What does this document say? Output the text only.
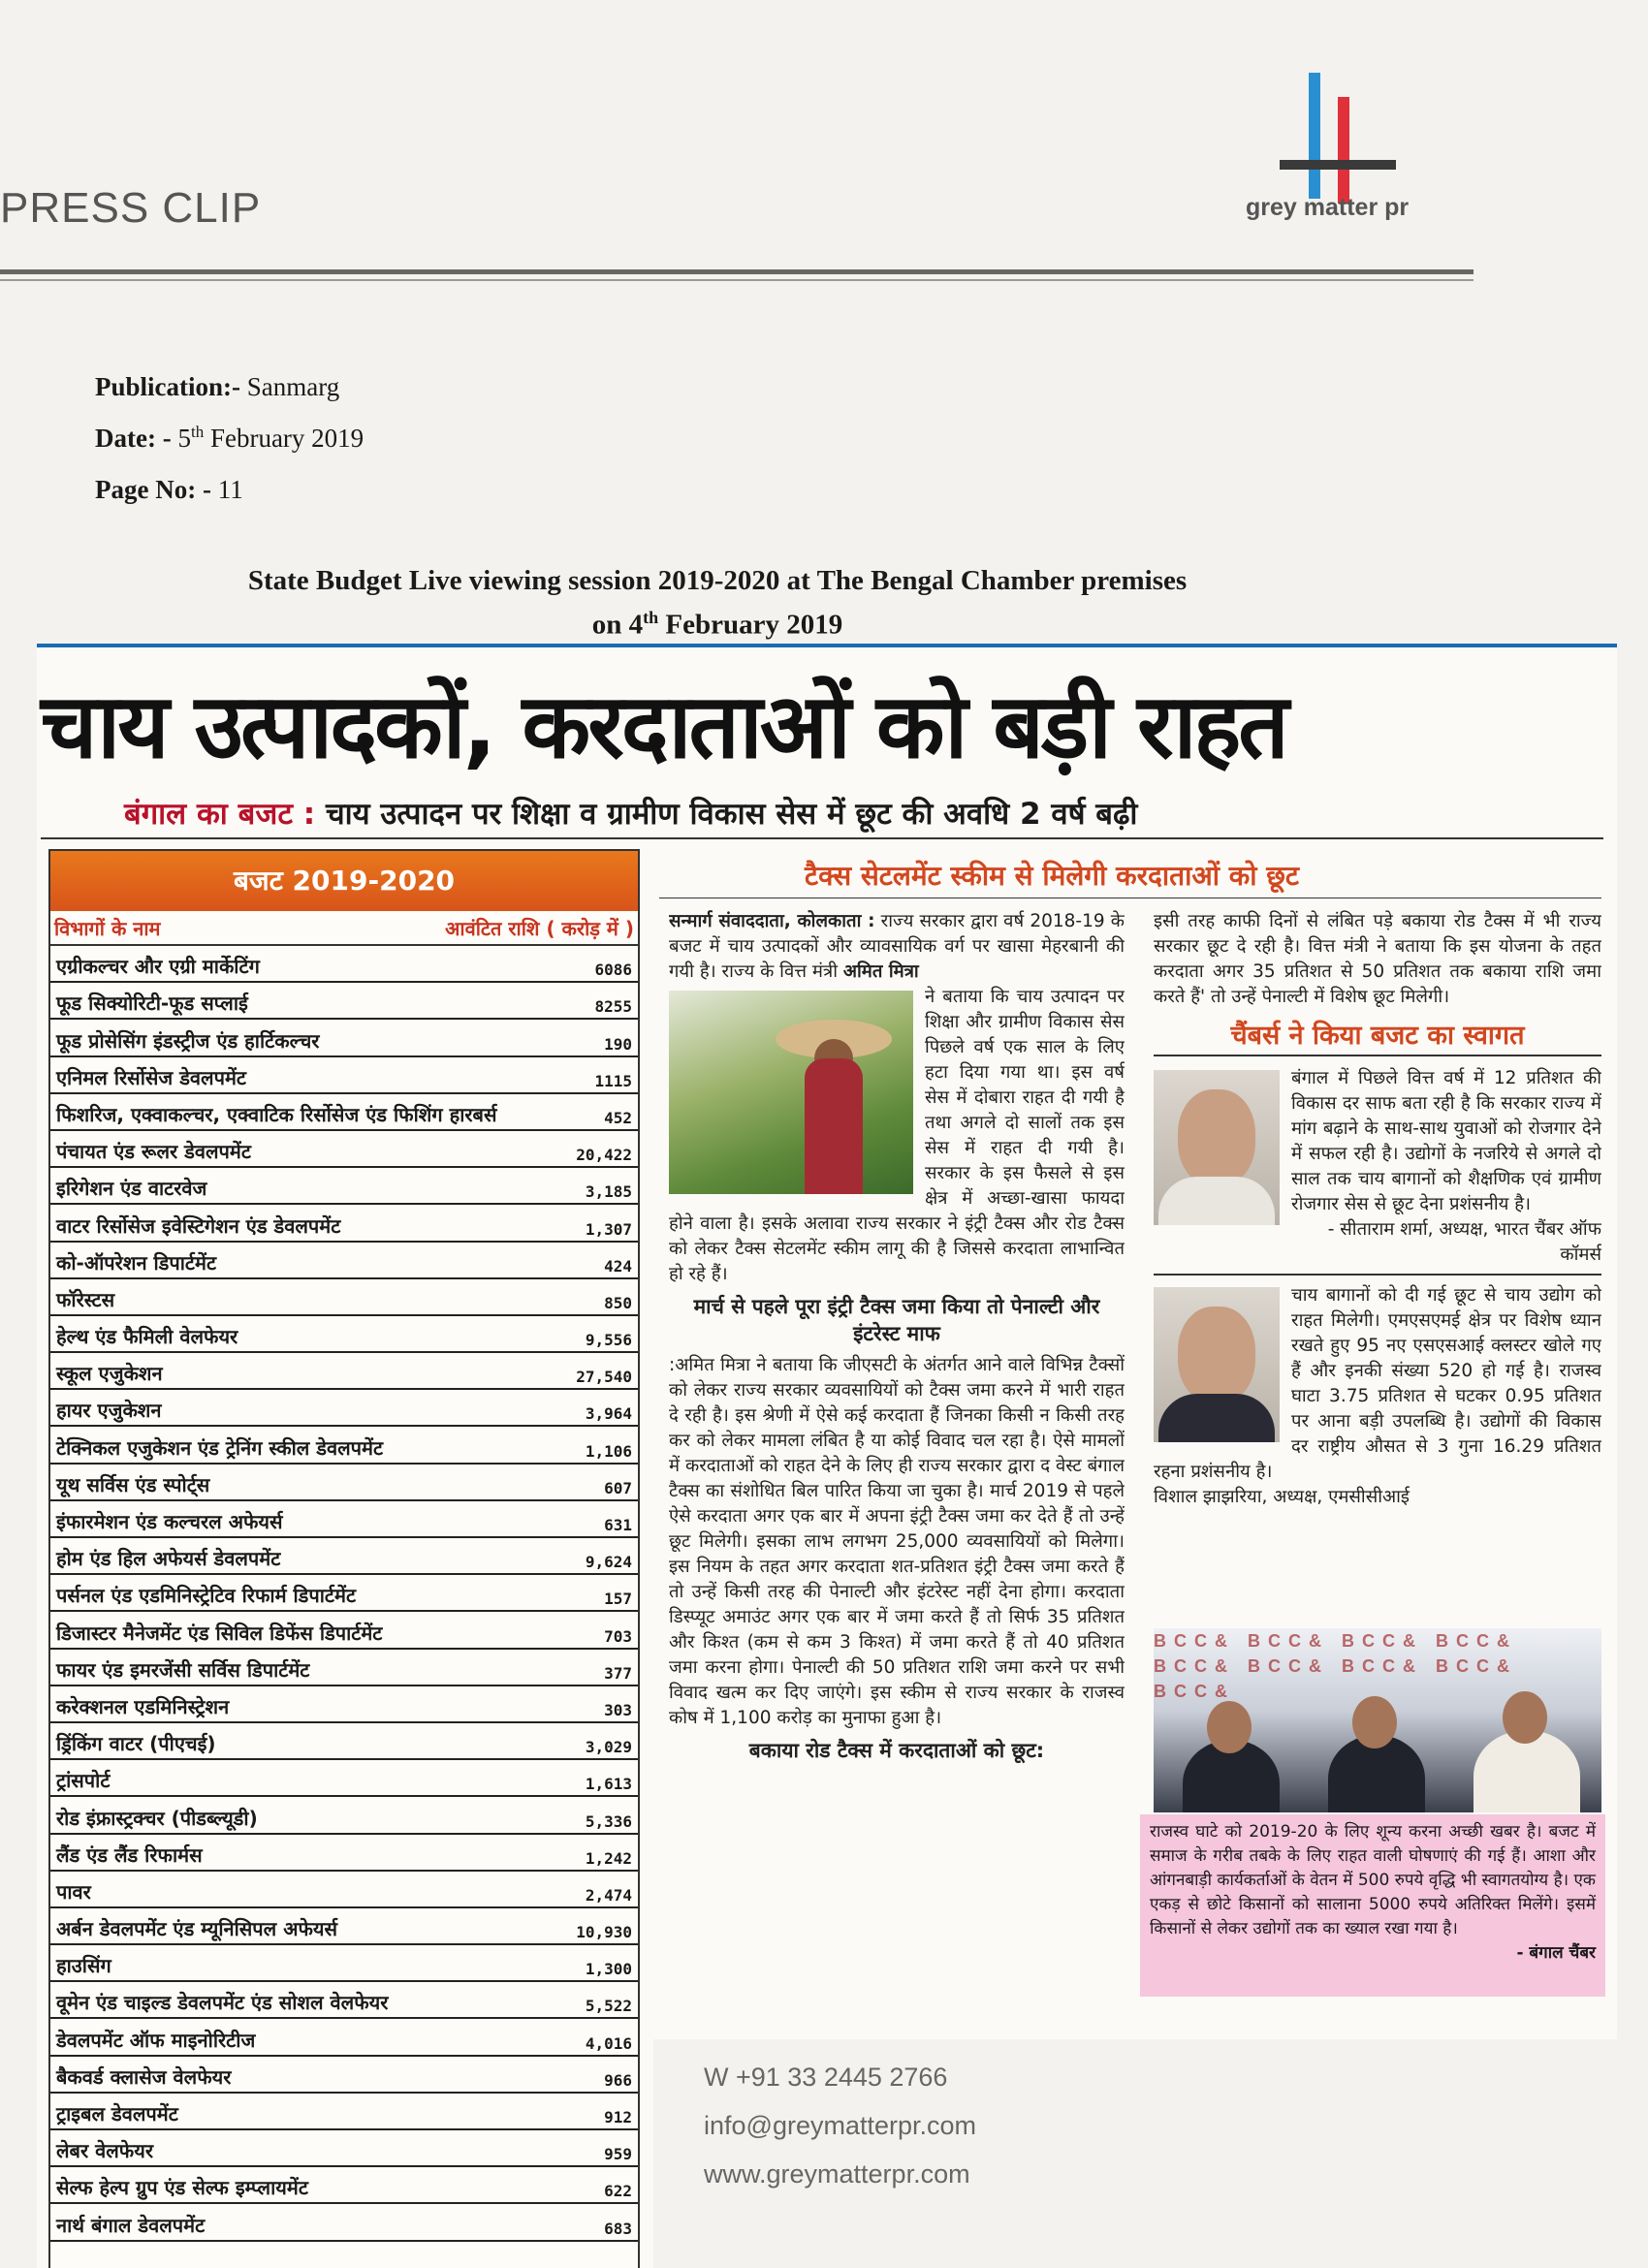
PRESS CLIP	grey matter pr
Publication:- Sanmarg
Date: - 5th February 2019
Page No: - 11
State Budget Live viewing session 2019-2020 at The Bengal Chamber premises
on 4th February 2019
चाय उत्पादकों, करदाताओं को बड़ी राहत
बंगाल का बजट : चाय उत्पादन पर शिक्षा व ग्रामीण विकास सेस में छूट की अवधि 2 वर्ष बढ़ी
बजट 2019-2020
विभागों के नाम	आवंटित राशि ( करोड़ में )
एग्रीकल्चर और एग्री मार्केटिंग	6086
फूड सिक्योरिटी-फूड सप्लाई	8255
फूड प्रोसेसिंग इंडस्ट्रीज एंड हार्टिकल्चर	190
एनिमल रिर्सोसेज डेवलपमेंट	1115
फिशरिज, एक्वाकल्चर, एक्वाटिक रिर्सोसेज एंड फिशिंग हारबर्स	452
पंचायत एंड रूलर डेवलपमेंट	20,422
इरिगेशन एंड वाटरवेज	3,185
वाटर रिर्सोसेज इवेस्टिगेशन एंड डेवलपमेंट	1,307
को-ऑपरेशन डिपार्टमेंट	424
फॉरेस्टस	850
हेल्थ एंड फैमिली वेलफेयर	9,556
स्कूल एजुकेशन	27,540
हायर एजुकेशन	3,964
टेक्निकल एजुकेशन एंड ट्रेनिंग स्कील डेवलपमेंट	1,106
यूथ सर्विस एंड स्पोर्ट्स	607
इंफारमेशन एंड कल्चरल अफेयर्स	631
होम एंड हिल अफेयर्स डेवलपमेंट	9,624
पर्सनल एंड एडमिनिस्ट्रेटिव रिफार्म डिपार्टमेंट	157
डिजास्टर मैनेजमेंट एंड सिविल डिफेंस डिपार्टमेंट	703
फायर एंड इमरजेंसी सर्विस डिपार्टमेंट	377
करेक्शनल एडमिनिस्ट्रेशन	303
ड्रिंकिंग वाटर (पीएचई)	3,029
ट्रांसपोर्ट	1,613
रोड इंफ्रास्ट्रक्चर (पीडब्ल्यूडी)	5,336
लैंड एंड लैंड रिफार्मस	1,242
पावर	2,474
अर्बन डेवलपमेंट एंड म्यूनिसिपल अफेयर्स	10,930
हाउसिंग	1,300
वूमेन एंड चाइल्ड डेवलपमेंट एंड सोशल वेलफेयर	5,522
डेवलपमेंट ऑफ माइनोरिटीज	4,016
बैकवर्ड क्लासेज वेलफेयर	966
ट्राइबल डेवलपमेंट	912
लेबर वेलफेयर	959
सेल्फ हेल्प ग्रुप एंड सेल्फ इम्प्लायमेंट	622
नार्थ बंगाल डेवलपमेंट	683
टैक्स सेटलमेंट स्कीम से मिलेगी करदाताओं को छूट

सन्मार्ग संवाददाता, कोलकाता : राज्य सरकार द्वारा वर्ष 2018-19 के बजट में चाय उत्पादकों और व्यावसायिक वर्ग पर खासा मेहरबानी की गयी है। राज्य के वित्त मंत्री अमित मित्रा

ने बताया कि चाय उत्पादन पर शिक्षा और ग्रामीण विकास सेस पिछले वर्ष एक साल के लिए हटा दिया गया था। इस वर्ष सेस में दोबारा राहत दी गयी है तथा अगले दो सालों तक इस सेस में राहत दी गयी है। सरकार के इस फैसले से इस क्षेत्र में अच्छा-खासा फायदा होने वाला है। इसके अलावा राज्य सरकार ने इंट्री टैक्स और रोड टैक्स को लेकर टैक्स सेटलमेंट स्कीम लागू की है जिससे करदाता लाभान्वित हो रहे हैं।

मार्च से पहले पूरा इंट्री टैक्स जमा किया तो पेनाल्टी और इंटरेस्ट माफ

:अमित मित्रा ने बताया कि जीएसटी के अंतर्गत आने वाले विभिन्न टैक्सों को लेकर राज्य सरकार व्यवसायियों को टैक्स जमा करने में भारी राहत दे रही है। इस श्रेणी में ऐसे कई करदाता हैं जिनका किसी न किसी तरह कर को लेकर मामला लंबित है या कोई विवाद चल रहा है। ऐसे मामलों में करदाताओं को राहत देने के लिए ही राज्य सरकार द्वारा द वेस्ट बंगाल टैक्स का संशोधित बिल पारित किया जा चुका है। मार्च 2019 से पहले ऐसे करदाता अगर एक बार में अपना इंट्री टैक्स जमा कर देते हैं तो उन्हें छूट मिलेगी। इसका लाभ लगभग 25,000 व्यवसायियों को मिलेगा। इस नियम के तहत अगर करदाता शत-प्रतिशत इंट्री टैक्स जमा करते हैं तो उन्हें किसी तरह की पेनाल्टी और इंटरेस्ट नहीं देना होगा। करदाता डिस्प्यूट अमाउंट अगर एक बार में जमा करते हैं तो सिर्फ 35 प्रतिशत और किश्त (कम से कम 3 किश्त) में जमा करते हैं तो 40 प्रतिशत जमा करना होगा। पेनाल्टी की 50 प्रतिशत राशि जमा करने पर सभी विवाद खत्म कर दिए जाएंगे। इस स्कीम से राज्य सरकार के राजस्व कोष में 1,100 करोड़ का मुनाफा हुआ है।

बकाया रोड टैक्स में करदाताओं को छूट:

इसी तरह काफी दिनों से लंबित पड़े बकाया रोड टैक्स में भी राज्य सरकार छूट दे रही है। वित्त मंत्री ने बताया कि इस योजना के तहत करदाता अगर 35 प्रतिशत से 50 प्रतिशत तक बकाया राशि जमा करते हैं' तो उन्हें पेनाल्टी में विशेष छूट मिलेगी।

चैंबर्स ने किया बजट का स्वागत

बंगाल में पिछले वित्त वर्ष में 12 प्रतिशत की विकास दर साफ बता रही है कि सरकार राज्य में मांग बढ़ाने के साथ-साथ युवाओं को रोजगार देने में सफल रही है। उद्योगों के नजरिये से अगले दो साल तक चाय बागानों को शैक्षणिक एवं ग्रामीण रोजगार सेस से छूट देना प्रशंसनीय है।

- सीताराम शर्मा, अध्यक्ष, भारत चैंबर ऑफ कॉमर्स

चाय बागानों को दी गई छूट से चाय उद्योग को राहत मिलेगी। एमएसएमई क्षेत्र पर विशेष ध्यान रखते हुए 95 नए एसएसआई क्लस्टर खोले गए हैं और इनकी संख्या 520 हो गई है। राजस्व घाटा 3.75 प्रतिशत से घटकर 0.95 प्रतिशत पर आना बड़ी उपलब्धि है। उद्योगों की विकास दर राष्ट्रीय औसत से 3 गुना 16.29 प्रतिशत रहना प्रशंसनीय है।

विशाल झाझरिया, अध्यक्ष, एमसीसीआई

BCC& BCC& BCC& BCC& BCC& BCC& BCC& BCC& BCC&
राजस्व घाटे को 2019-20 के लिए शून्य करना अच्छी खबर है। बजट में समाज के गरीब तबके के लिए राहत वाली घोषणाएं की गई हैं। आशा और आंगनबाड़ी कार्यकर्ताओं के वेतन में 500 रुपये वृद्धि भी स्वागतयोग्य है। एक एकड़ से छोटे किसानों को सालाना 5000 रुपये अतिरिक्त मिलेंगे। इसमें किसानों से लेकर उद्योगों तक का ख्याल रखा गया है।
- बंगाल चैंबर
W +91 33 2445 2766
info@greymatterpr.com
www.greymatterpr.com
